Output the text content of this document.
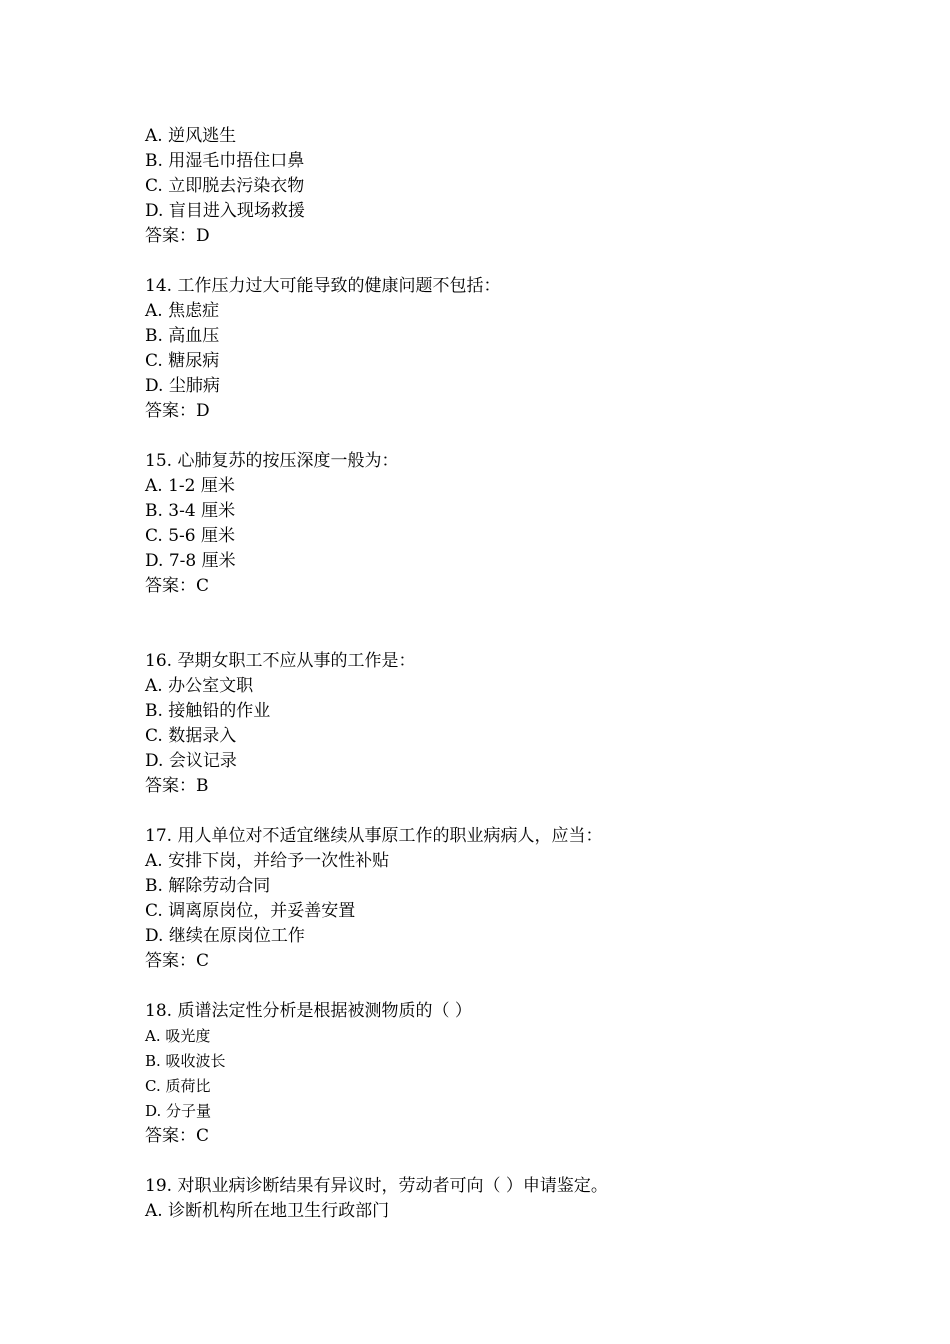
A. 逆风逃生
B. 用湿毛巾捂住口鼻
C. 立即脱去污染衣物
D. 盲目进入现场救援
答案：D
14. 工作压力过大可能导致的健康问题不包括：
A. 焦虑症
B. 高血压
C. 糖尿病
D. 尘肺病
答案：D
15. 心肺复苏的按压深度一般为：
A. 1-2 厘米
B. 3-4 厘米
C. 5-6 厘米
D. 7-8 厘米
答案：C
16. 孕期女职工不应从事的工作是：
A. 办公室文职
B. 接触铅的作业
C. 数据录入
D. 会议记录
答案：B
17. 用人单位对不适宜继续从事原工作的职业病病人，应当：
A. 安排下岗，并给予一次性补贴
B. 解除劳动合同
C. 调离原岗位，并妥善安置
D. 继续在原岗位工作
答案：C
18. 质谱法定性分析是根据被测物质的（ ）
A. 吸光度
B. 吸收波长
C. 质荷比
D. 分子量
答案：C
19. 对职业病诊断结果有异议时，劳动者可向（ ）申请鉴定。
A. 诊断机构所在地卫生行政部门
